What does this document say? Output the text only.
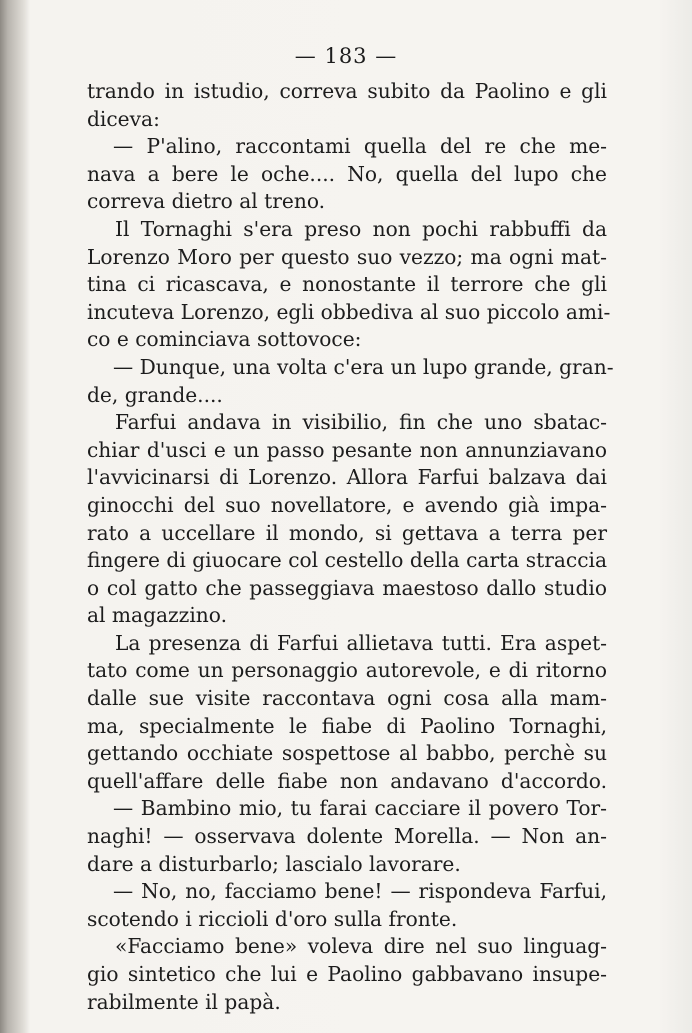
— 183 —
trando in istudio, correva subito da Paolino e gli
diceva:
— P'alino, raccontami quella del re che me-
nava a bere le oche.... No, quella del lupo che
correva dietro al treno.
Il Tornaghi s'era preso non pochi rabbuffi da
Lorenzo Moro per questo suo vezzo; ma ogni mat-
tina ci ricascava, e nonostante il terrore che gli
incuteva Lorenzo, egli obbediva al suo piccolo ami-
co e cominciava sottovoce:
— Dunque, una volta c'era un lupo grande, gran-
de, grande....
Farfui andava in visibilio, fin che uno sbatac-
chiar d'usci e un passo pesante non annunziavano
l'avvicinarsi di Lorenzo. Allora Farfui balzava dai
ginocchi del suo novellatore, e avendo già impa-
rato a uccellare il mondo, si gettava a terra per
fingere di giuocare col cestello della carta straccia
o col gatto che passeggiava maestoso dallo studio
al magazzino.
La presenza di Farfui allietava tutti. Era aspet-
tato come un personaggio autorevole, e di ritorno
dalle sue visite raccontava ogni cosa alla mam-
ma, specialmente le fiabe di Paolino Tornaghi,
gettando occhiate sospettose al babbo, perchè su
quell'affare delle fiabe non andavano d'accordo.
— Bambino mio, tu farai cacciare il povero Tor-
naghi! — osservava dolente Morella. — Non an-
dare a disturbarlo; lascialo lavorare.
— No, no, facciamo bene! — rispondeva Farfui,
scotendo i riccioli d'oro sulla fronte.
«Facciamo bene» voleva dire nel suo linguag-
gio sintetico che lui e Paolino gabbavano insupe-
rabilmente il papà.
